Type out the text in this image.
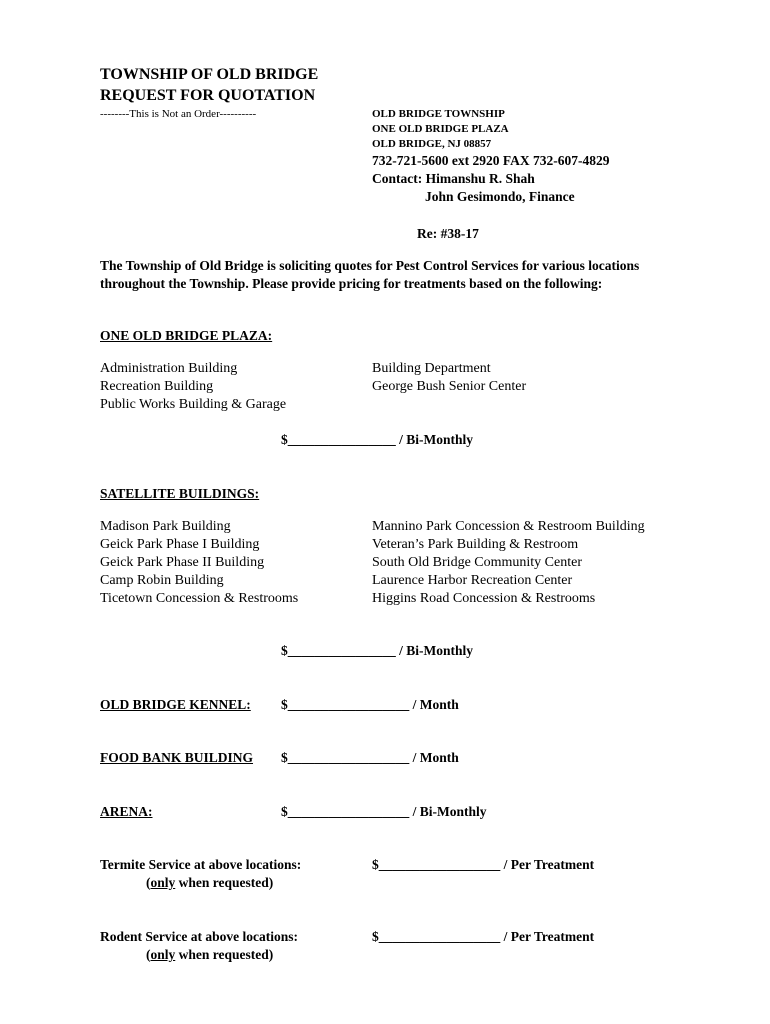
TOWNSHIP OF OLD BRIDGE
REQUEST FOR QUOTATION
--------This is Not an Order----------	OLD BRIDGE TOWNSHIP
ONE OLD BRIDGE PLAZA
OLD BRIDGE, NJ 08857
732-721-5600 ext 2920 FAX 732-607-4829
Contact: Himanshu R. Shah
John Gesimondo, Finance
Re: #38-17
The Township of Old Bridge is soliciting quotes for Pest Control Services for various locations throughout the Township. Please provide pricing for treatments based on the following:
ONE OLD BRIDGE PLAZA:
Administration Building
Recreation Building
Public Works Building & Garage
Building Department
George Bush Senior Center
$________________ / Bi-Monthly
SATELLITE BUILDINGS:
Madison Park Building
Geick Park Phase I Building
Geick Park Phase II Building
Camp Robin Building
Ticetown Concession & Restrooms
Mannino Park Concession & Restroom Building
Veteran’s Park Building & Restroom
South Old Bridge Community Center
Laurence Harbor Recreation Center
Higgins Road Concession & Restrooms
$________________ / Bi-Monthly
OLD BRIDGE KENNEL: $__________________ / Month
FOOD BANK BUILDING $__________________ / Month
ARENA:	$__________________ / Bi-Monthly
Termite Service at above locations:
(only when requested)
$__________________ / Per Treatment
Rodent Service at above locations:
(only when requested)
$__________________ / Per Treatment
